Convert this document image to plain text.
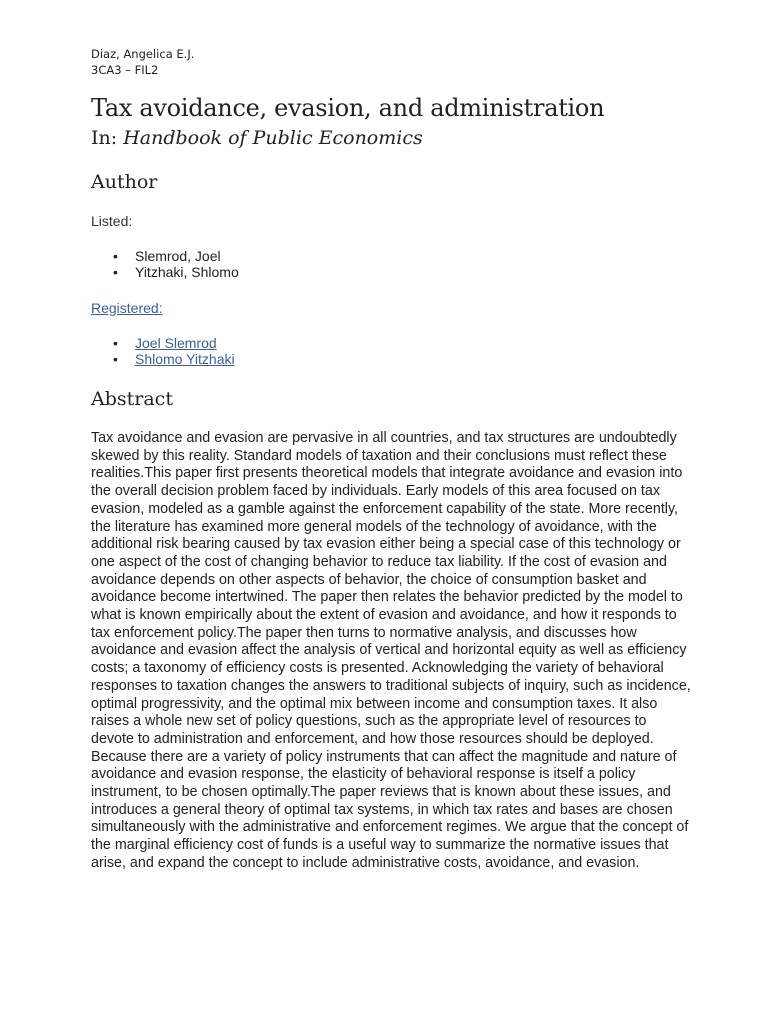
Diaz, Angelica E.J.
3CA3 – FIL2
Tax avoidance, evasion, and administration
In: Handbook of Public Economics
Author
Listed:
• Slemrod, Joel
• Yitzhaki, Shlomo
Registered:
• Joel Slemrod
• Shlomo Yitzhaki
Abstract

Tax avoidance and evasion are pervasive in all countries, and tax structures are undoubtedly skewed by this reality. Standard models of taxation and their conclusions must reflect these realities.This paper first presents theoretical models that integrate avoidance and evasion into the overall decision problem faced by individuals. Early models of this area focused on tax evasion, modeled as a gamble against the enforcement capability of the state. More recently, the literature has examined more general models of the technology of avoidance, with the additional risk bearing caused by tax evasion either being a special case of this technology or one aspect of the cost of changing behavior to reduce tax liability. If the cost of evasion and avoidance depends on other aspects of behavior, the choice of consumption basket and avoidance become intertwined. The paper then relates the behavior predicted by the model to what is known empirically about the extent of evasion and avoidance, and how it responds to tax enforcement policy.The paper then turns to normative analysis, and discusses how avoidance and evasion affect the analysis of vertical and horizontal equity as well as efficiency costs; a taxonomy of efficiency costs is presented. Acknowledging the variety of behavioral responses to taxation changes the answers to traditional subjects of inquiry, such as incidence, optimal progressivity, and the optimal mix between income and consumption taxes. It also raises a whole new set of policy questions, such as the appropriate level of resources to devote to administration and enforcement, and how those resources should be deployed. Because there are a variety of policy instruments that can affect the magnitude and nature of avoidance and evasion response, the elasticity of behavioral response is itself a policy instrument, to be chosen optimally.The paper reviews that is known about these issues, and introduces a general theory of optimal tax systems, in which tax rates and bases are chosen simultaneously with the administrative and enforcement regimes. We argue that the concept of the marginal efficiency cost of funds is a useful way to summarize the normative issues that arise, and expand the concept to include administrative costs, avoidance, and evasion.
